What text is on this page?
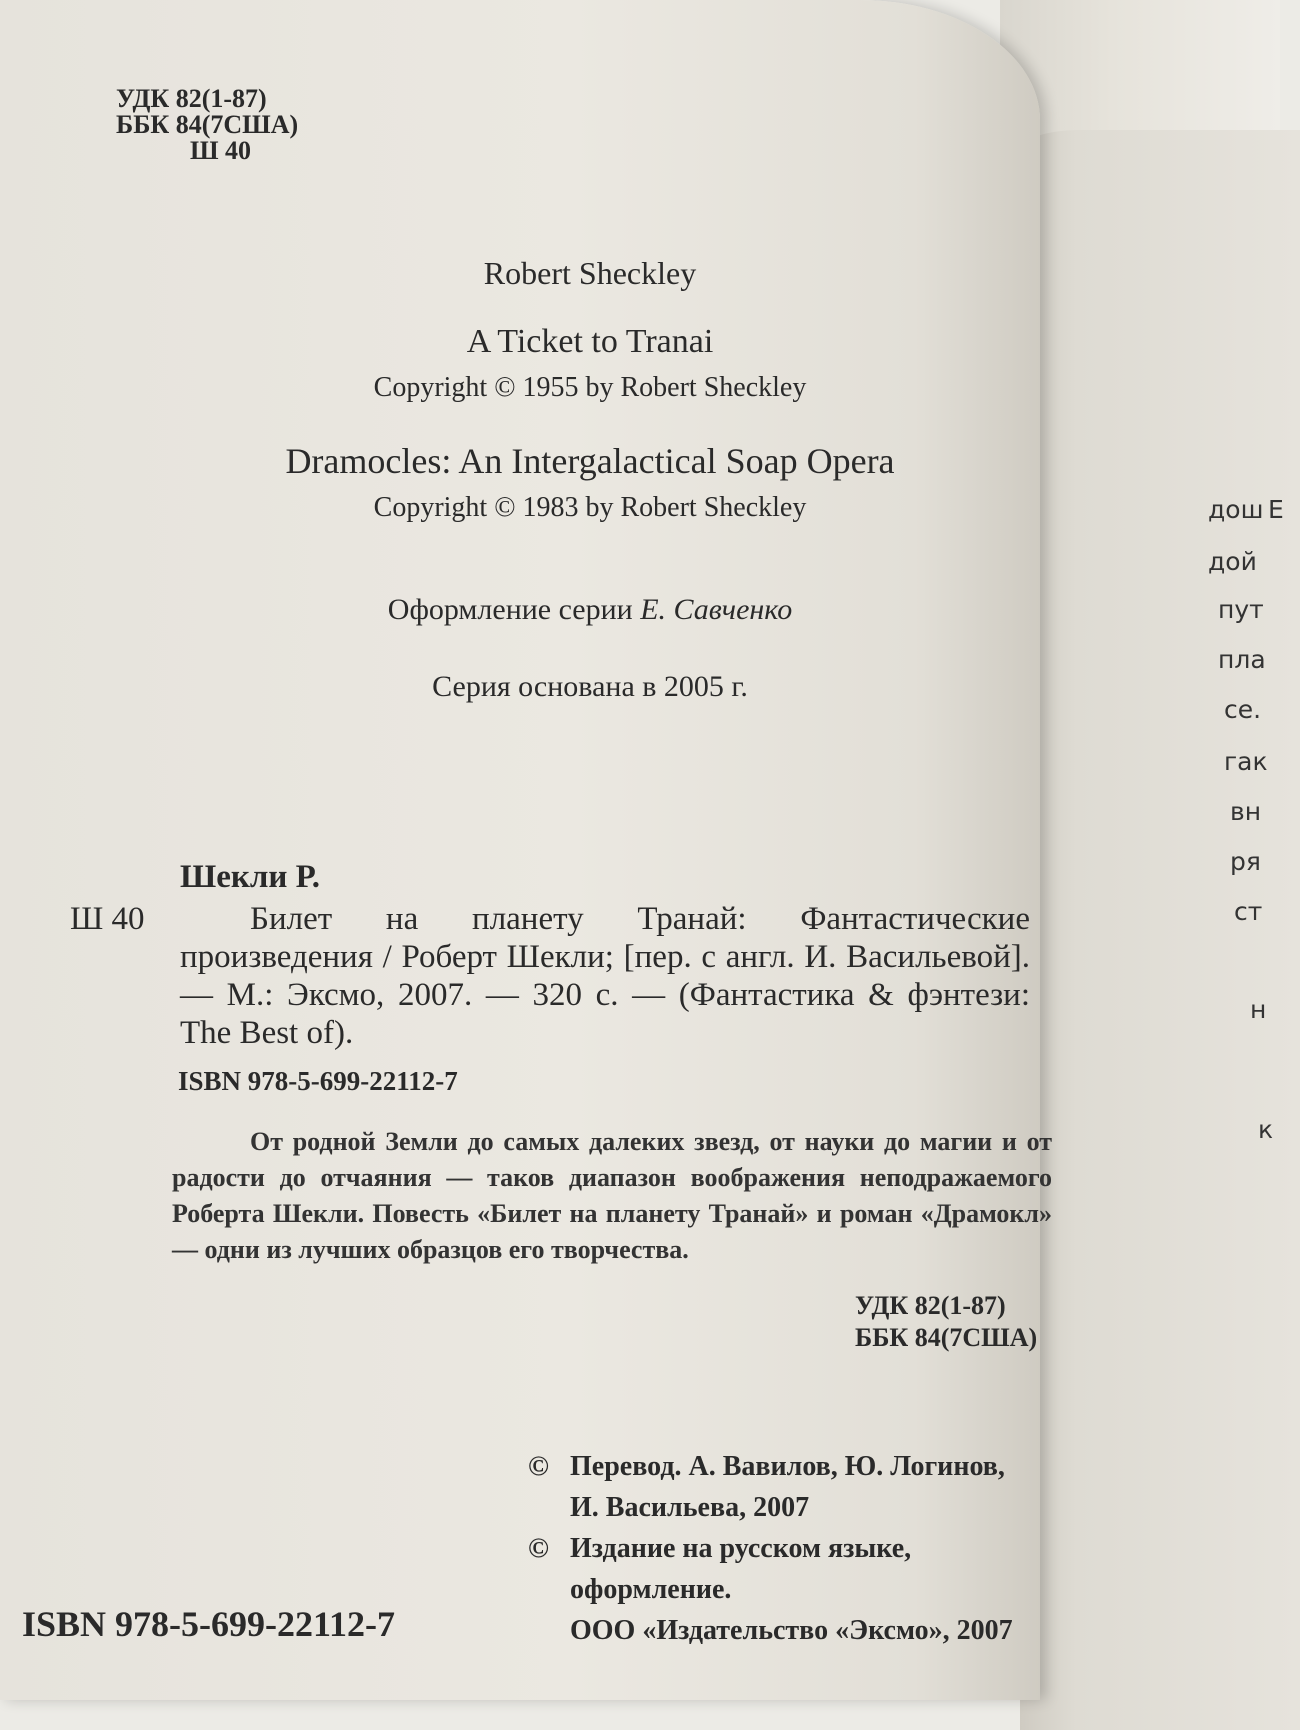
Е
дош
дой
пут
пла
се.
гак
вн
ря
ст
н
к
УДК 82(1-87)
ББК 84(7США)
Ш 40
Robert Sheckley
A Ticket to Tranai
Copyright © 1955 by Robert Sheckley
Dramocles: An Intergalactical Soap Opera
Copyright © 1983 by Robert Sheckley
Оформление серии Е. Савченко
Серия основана в 2005 г.
Шекли Р.
Ш 40	Билет на планету Транай: Фантастические произведения / Роберт Шекли; [пер. с англ. И. Васильевой]. — М.: Эксмо, 2007. — 320 с. — (Фантастика & фэнтези: The Best of).
ISBN 978-5-699-22112-7
От родной Земли до самых далеких звезд, от науки до магии и от радости до отчаяния — таков диапазон воображения неподражаемого Роберта Шекли. Повесть «Билет на планету Транай» и роман «Драмокл» — одни из лучших образцов его творчества.
УДК 82(1-87)
ББК 84(7США)
© Перевод. А. Вавилов, Ю. Логинов,
И. Васильева, 2007
© Издание на русском языке,
оформление.
ООО «Издательство «Эксмо», 2007
ISBN 978-5-699-22112-7
